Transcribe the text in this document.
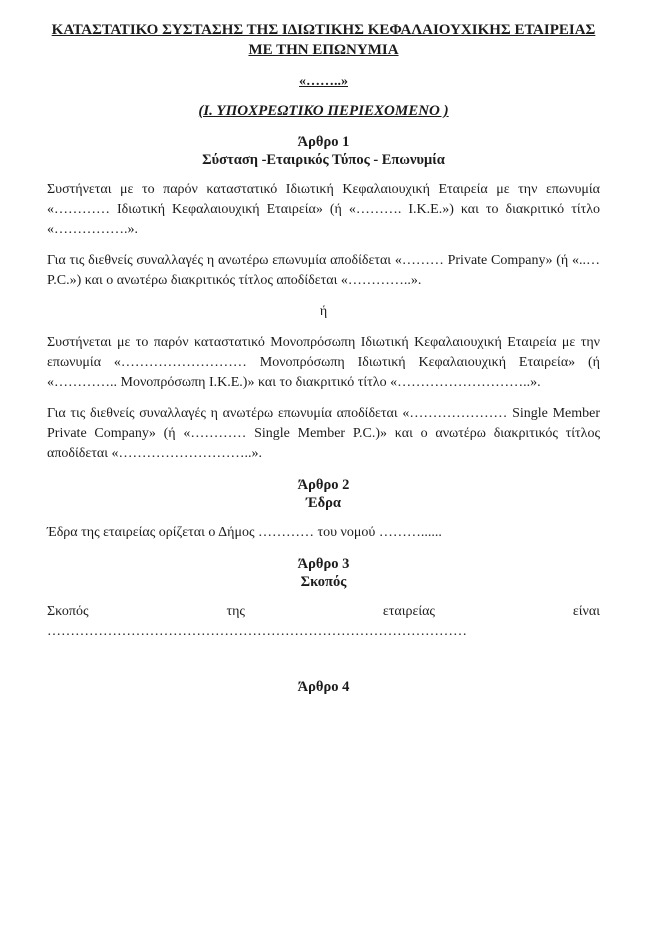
ΚΑΤΑΣΤΑΤΙΚΟ ΣΥΣΤΑΣΗΣ ΤΗΣ ΙΔΙΩΤΙΚΗΣ ΚΕΦΑΛΑΙΟΥΧΙΚΗΣ ΕΤΑΙΡΕΙΑΣ
ΜΕ ΤΗΝ ΕΠΩΝΥΜΙΑ
«……..»
(Ι. ΥΠΟΧΡΕΩΤΙΚΟ ΠΕΡΙΕΧΟΜΕΝΟ )
Άρθρο 1
Σύσταση -Εταιρικός Τύπος - Επωνυμία

Συστήνεται με το παρόν καταστατικό Ιδιωτική Κεφαλαιουχική Εταιρεία με την επωνυμία «………… Ιδιωτική Κεφαλαιουχική Εταιρεία» (ή «………. Ι.Κ.Ε.») και το διακριτικό τίτλο «…………….».

Για τις διεθνείς συναλλαγές η ανωτέρω επωνυμία αποδίδεται «……… Private Company» (ή «..… P.C.») και ο ανωτέρω διακριτικός τίτλος αποδίδεται «…………..».

ή

Συστήνεται με το παρόν καταστατικό Μονοπρόσωπη Ιδιωτική Κεφαλαιουχική Εταιρεία με την επωνυμία «……………………… Μονοπρόσωπη Ιδιωτική Κεφαλαιουχική Εταιρεία» (ή «………….. Μονοπρόσωπη Ι.Κ.Ε.)» και το διακριτικό τίτλο «………………………..».

Για τις διεθνείς συναλλαγές η ανωτέρω επωνυμία αποδίδεται «………………… Single Member Private Company» (ή «………… Single Member P.C.)» και ο ανωτέρω διακριτικός τίτλος αποδίδεται «………………………..».

Άρθρο 2
Έδρα

Έδρα της εταιρείας ορίζεται ο Δήμος ………… του νομού ………......

Άρθρο 3
Σκοπός

Σκοπός της εταιρείας είναι ………………………………………………………………………………

Άρθρο 4
